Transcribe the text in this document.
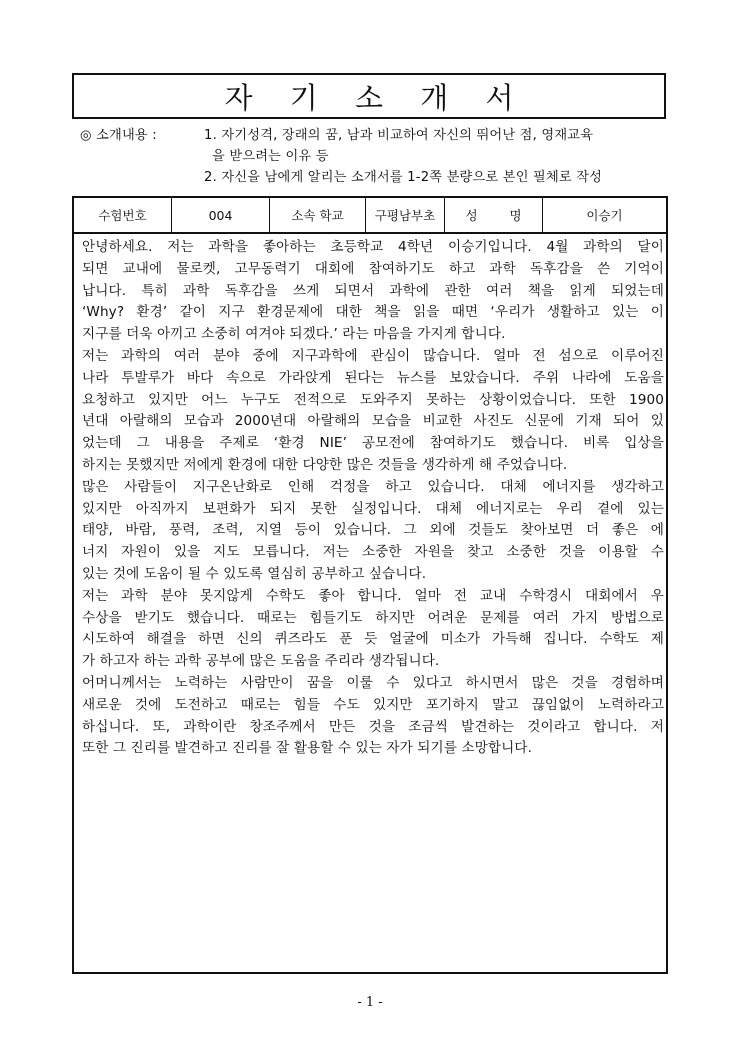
자 기 소 개 서
◎ 소개내용 :	1. 자기성격, 장래의 꿈, 남과 비교하여 자신의 뛰어난 점, 영재교육
을 받으려는 이유 등
2. 자신을 남에게 알리는 소개서를 1-2쪽 분량으로 본인 필체로 작성
수험번호	004	소속 학교	구평남부초	성 명	이승기
안녕하세요. 저는 과학을 좋아하는 초등학교 4학년 이승기입니다. 4월 과학의 달이
되면 교내에 물로켓, 고무동력기 대회에 참여하기도 하고 과학 독후감을 쓴 기억이
납니다. 특히 과학 독후감을 쓰게 되면서 과학에 관한 여러 책을 읽게 되었는데
‘Why? 환경’ 같이 지구 환경문제에 대한 책을 읽을 때면 ‘우리가 생활하고 있는 이
지구를 더욱 아끼고 소중히 여겨야 되겠다.’ 라는 마음을 가지게 합니다.
저는 과학의 여러 분야 중에 지구과학에 관심이 많습니다. 얼마 전 섬으로 이루어진
나라 투발루가 바다 속으로 가라앉게 된다는 뉴스를 보았습니다. 주위 나라에 도움을
요청하고 있지만 어느 누구도 전적으로 도와주지 못하는 상황이었습니다. 또한 1900
년대 아랄해의 모습과 2000년대 아랄해의 모습을 비교한 사진도 신문에 기재 되어 있
었는데 그 내용을 주제로 ‘환경 NIE’ 공모전에 참여하기도 했습니다. 비록 입상을
하지는 못했지만 저에게 환경에 대한 다양한 많은 것들을 생각하게 해 주었습니다.
많은 사람들이 지구온난화로 인해 걱정을 하고 있습니다. 대체 에너지를 생각하고
있지만 아직까지 보편화가 되지 못한 실정입니다. 대체 에너지로는 우리 곁에 있는
태양, 바람, 풍력, 조력, 지열 등이 있습니다. 그 외에 것들도 찾아보면 더 좋은 에
너지 자원이 있을 지도 모릅니다. 저는 소중한 자원을 찾고 소중한 것을 이용할 수
있는 것에 도움이 될 수 있도록 열심히 공부하고 싶습니다.
저는 과학 분야 못지않게 수학도 좋아 합니다. 얼마 전 교내 수학경시 대회에서 우
수상을 받기도 했습니다. 때로는 힘들기도 하지만 어려운 문제를 여러 가지 방법으로
시도하여 해결을 하면 신의 퀴즈라도 푼 듯 얼굴에 미소가 가득해 집니다. 수학도 제
가 하고자 하는 과학 공부에 많은 도움을 주리라 생각됩니다.
어머니께서는 노력하는 사람만이 꿈을 이룰 수 있다고 하시면서 많은 것을 경험하며
새로운 것에 도전하고 때로는 힘들 수도 있지만 포기하지 말고 끊임없이 노력하라고
하십니다. 또, 과학이란 창조주께서 만든 것을 조금씩 발견하는 것이라고 합니다. 저
또한 그 진리를 발견하고 진리를 잘 활용할 수 있는 자가 되기를 소망합니다.
- 1 -
